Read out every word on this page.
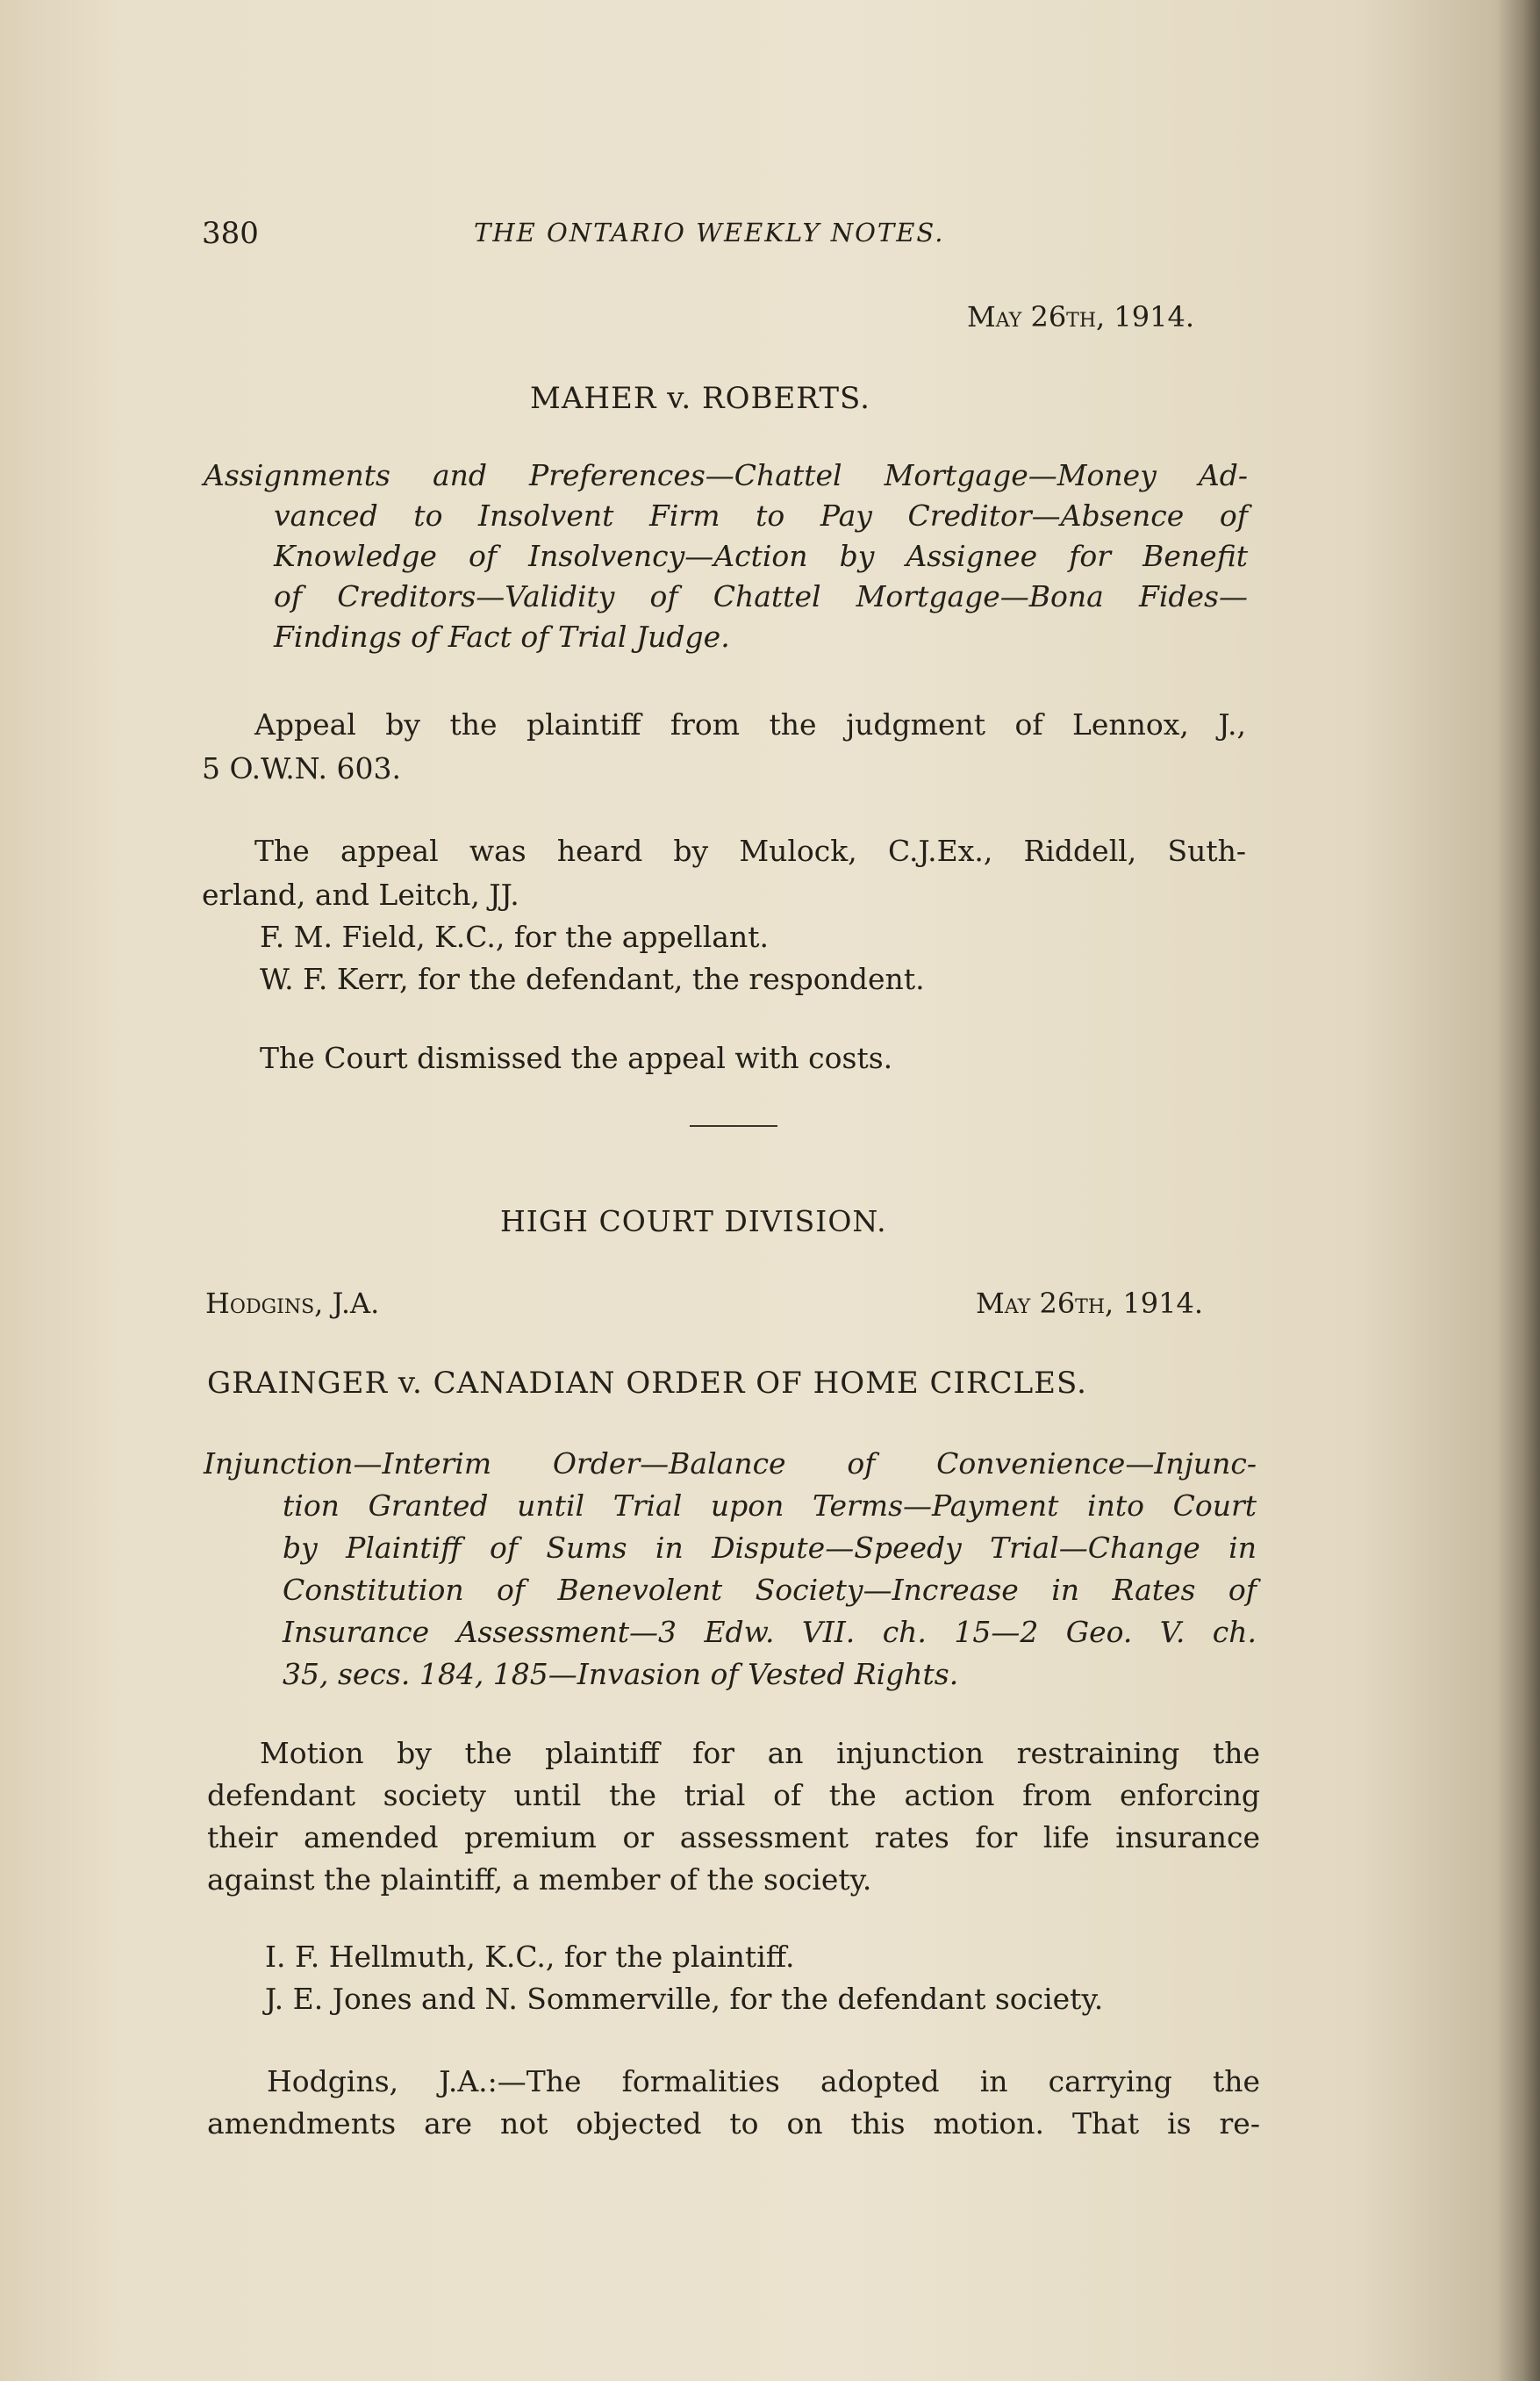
380	THE ONTARIO WEEKLY NOTES.
May 26th, 1914.
MAHER v. ROBERTS.
Assignments and Preferences—Chattel Mortgage—Money Ad-
vanced to Insolvent Firm to Pay Creditor—Absence of
Knowledge of Insolvency—Action by Assignee for Benefit
of Creditors—Validity of Chattel Mortgage—Bona Fides—
Findings of Fact of Trial Judge.
Appeal by the plaintiff from the judgment of Lennox, J.,
5 O.W.N. 603.
The appeal was heard by Mulock, C.J.Ex., Riddell, Suth-
erland, and Leitch, JJ.
F. M. Field, K.C., for the appellant.
W. F. Kerr, for the defendant, the respondent.
The Court dismissed the appeal with costs.
HIGH COURT DIVISION.
Hodgins, J.A.	May 26th, 1914.
GRAINGER v. CANADIAN ORDER OF HOME CIRCLES.
Injunction—Interim Order—Balance of Convenience—Injunc-
tion Granted until Trial upon Terms—Payment into Court
by Plaintiff of Sums in Dispute—Speedy Trial—Change in
Constitution of Benevolent Society—Increase in Rates of
Insurance Assessment—3 Edw. VII. ch. 15—2 Geo. V. ch.
35, secs. 184, 185—Invasion of Vested Rights.
Motion by the plaintiff for an injunction restraining the
defendant society until the trial of the action from enforcing
their amended premium or assessment rates for life insurance
against the plaintiff, a member of the society.
I. F. Hellmuth, K.C., for the plaintiff.
J. E. Jones and N. Sommerville, for the defendant society.
Hodgins, J.A.:—The formalities adopted in carrying the
amendments are not objected to on this motion. That is re-
